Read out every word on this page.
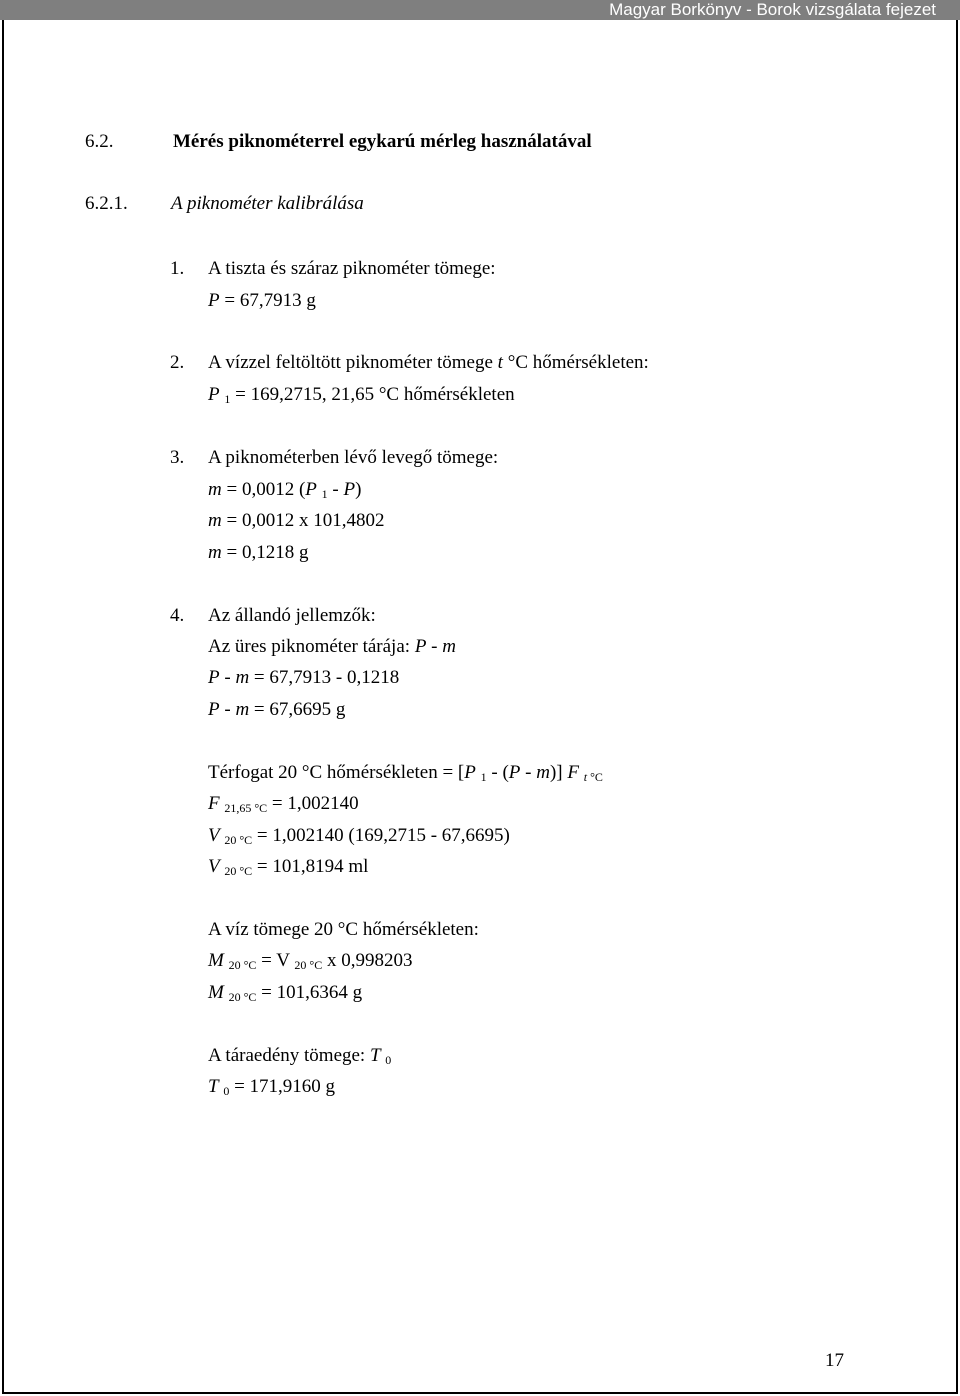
Magyar Borkönyv - Borok vizsgálata fejezet
6.2.	Mérés piknométerrel egykarú mérleg használatával
6.2.1. A piknométer kalibrálása
1. A tiszta és száraz piknométer tömege:
P = 67,7913 g
2. A vízzel feltöltött piknométer tömege t °C hőmérsékleten:
P $_1$ = 169,2715, 21,65 °C hőmérsékleten
3. A piknométerben lévő levegő tömege:
m = 0,0012 (P $_1$ - P)
m = 0,0012 x 101,4802
m = 0,1218 g
4. Az állandó jellemzők:
Az üres piknométer tárája: P - m
P - m = 67,7913 - 0,1218
P - m = 67,6695 g
Térfogat 20 °C hőmérsékleten = [P $_1$ - (P - m)] F $_{t ^\circ C}$
F $_{21,65 ^\circ C}$ = 1,002140
V $_{20 ^\circ C}$ = 1,002140 (169,2715 - 67,6695)
V $_{20 ^\circ C}$ = 101,8194 ml
A víz tömege 20 °C hőmérsékleten:
M $_{20 ^\circ C}$ = V $_{20 ^\circ C}$ x 0,998203
M $_{20 ^\circ C}$ = 101,6364 g
A táraedény tömege: T $_0$
T $_0$ = 171,9160 g
17
